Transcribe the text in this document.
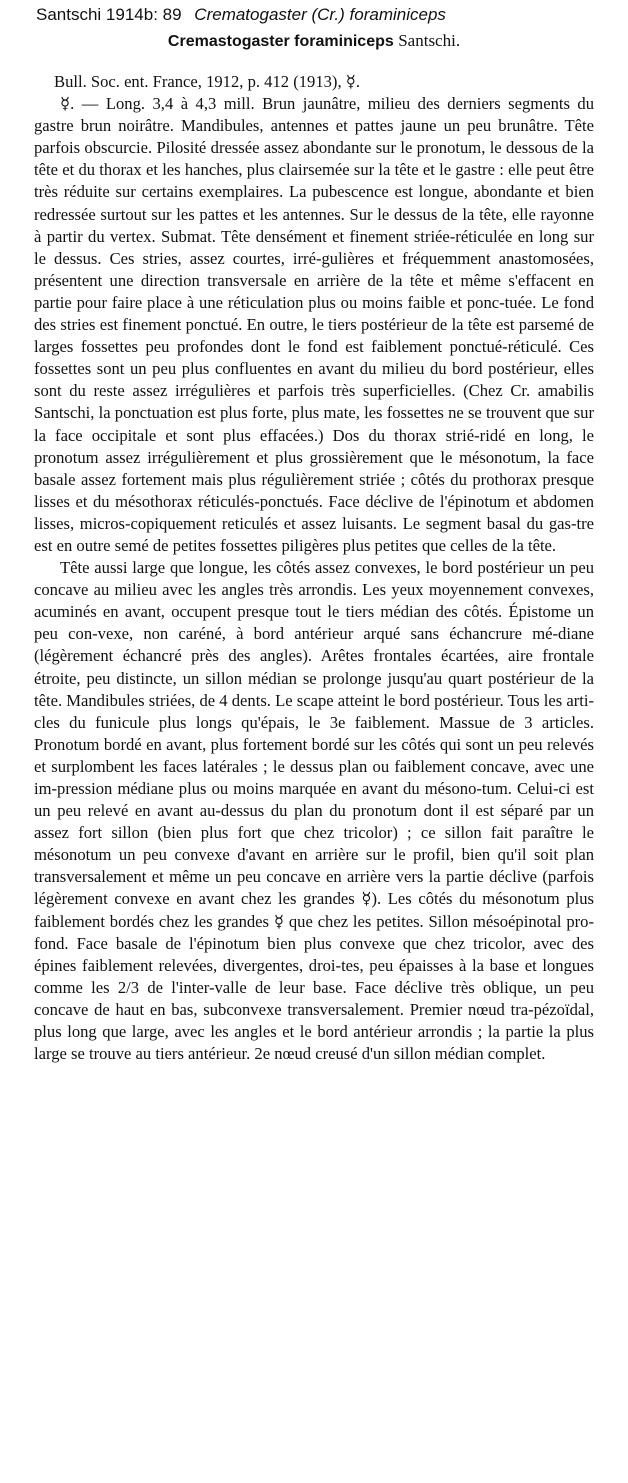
Santschi 1914b: 89 Crematogaster (Cr.) foraminiceps
Cremastogaster foraminiceps Santschi.

Bull. Soc. ent. France, 1912, p. 412 (1913), ☿.

☿. — Long. 3,4 à 4,3 mill. Brun jaunâtre, milieu des derniers segments du gastre brun noirâtre. Mandibules, antennes et pattes jaune un peu brunâtre. Tête parfois obscurcie. Pilosité dressée assez abondante sur le pronotum, le dessous de la tête et du thorax et les hanches, plus clairsemée sur la tête et le gastre : elle peut être très réduite sur certains exemplaires. La pubescence est longue, abondante et bien redressée surtout sur les pattes et les antennes. Sur le dessus de la tête, elle rayonne à partir du vertex. Submat. Tête densément et finement striée-réticulée en long sur le dessus. Ces stries, assez courtes, irré-gulières et fréquemment anastomosées, présentent une direction transversale en arrière de la tête et même s'effacent en partie pour faire place à une réticulation plus ou moins faible et ponc-tuée. Le fond des stries est finement ponctué. En outre, le tiers postérieur de la tête est parsemé de larges fossettes peu profondes dont le fond est faiblement ponctué-réticulé. Ces fossettes sont un peu plus confluentes en avant du milieu du bord postérieur, elles sont du reste assez irrégulières et parfois très superficielles. (Chez Cr. amabilis Santschi, la ponctuation est plus forte, plus mate, les fossettes ne se trouvent que sur la face occipitale et sont plus effacées.) Dos du thorax strié-ridé en long, le pronotum assez irrégulièrement et plus grossièrement que le mésonotum, la face basale assez fortement mais plus régulièrement striée ; côtés du prothorax presque lisses et du mésothorax réticulés-ponctués. Face déclive de l'épinotum et abdomen lisses, micros-copiquement reticulés et assez luisants. Le segment basal du gas-tre est en outre semé de petites fossettes piligères plus petites que celles de la tête.

Tête aussi large que longue, les côtés assez convexes, le bord postérieur un peu concave au milieu avec les angles très arrondis. Les yeux moyennement convexes, acuminés en avant, occupent presque tout le tiers médian des côtés. Épistome un peu con-vexe, non caréné, à bord antérieur arqué sans échancrure mé-diane (légèrement échancré près des angles). Arêtes frontales écartées, aire frontale étroite, peu distincte, un sillon médian se prolonge jusqu'au quart postérieur de la tête. Mandibules striées, de 4 dents. Le scape atteint le bord postérieur. Tous les arti-cles du funicule plus longs qu'épais, le 3e faiblement. Massue de 3 articles. Pronotum bordé en avant, plus fortement bordé sur les côtés qui sont un peu relevés et surplombent les faces latérales ; le dessus plan ou faiblement concave, avec une im-pression médiane plus ou moins marquée en avant du mésono-tum. Celui-ci est un peu relevé en avant au-dessus du plan du pronotum dont il est séparé par un assez fort sillon (bien plus fort que chez tricolor) ; ce sillon fait paraître le mésonotum un peu convexe d'avant en arrière sur le profil, bien qu'il soit plan transversalement et même un peu concave en arrière vers la partie déclive (parfois légèrement convexe en avant chez les grandes ☿). Les côtés du mésonotum plus faiblement bordés chez les grandes ☿ que chez les petites. Sillon mésoépinotal pro-fond. Face basale de l'épinotum bien plus convexe que chez tricolor, avec des épines faiblement relevées, divergentes, droi-tes, peu épaisses à la base et longues comme les 2/3 de l'inter-valle de leur base. Face déclive très oblique, un peu concave de haut en bas, subconvexe transversalement. Premier nœud tra-pézoïdal, plus long que large, avec les angles et le bord antérieur arrondis ; la partie la plus large se trouve au tiers antérieur. 2e nœud creusé d'un sillon médian complet.
